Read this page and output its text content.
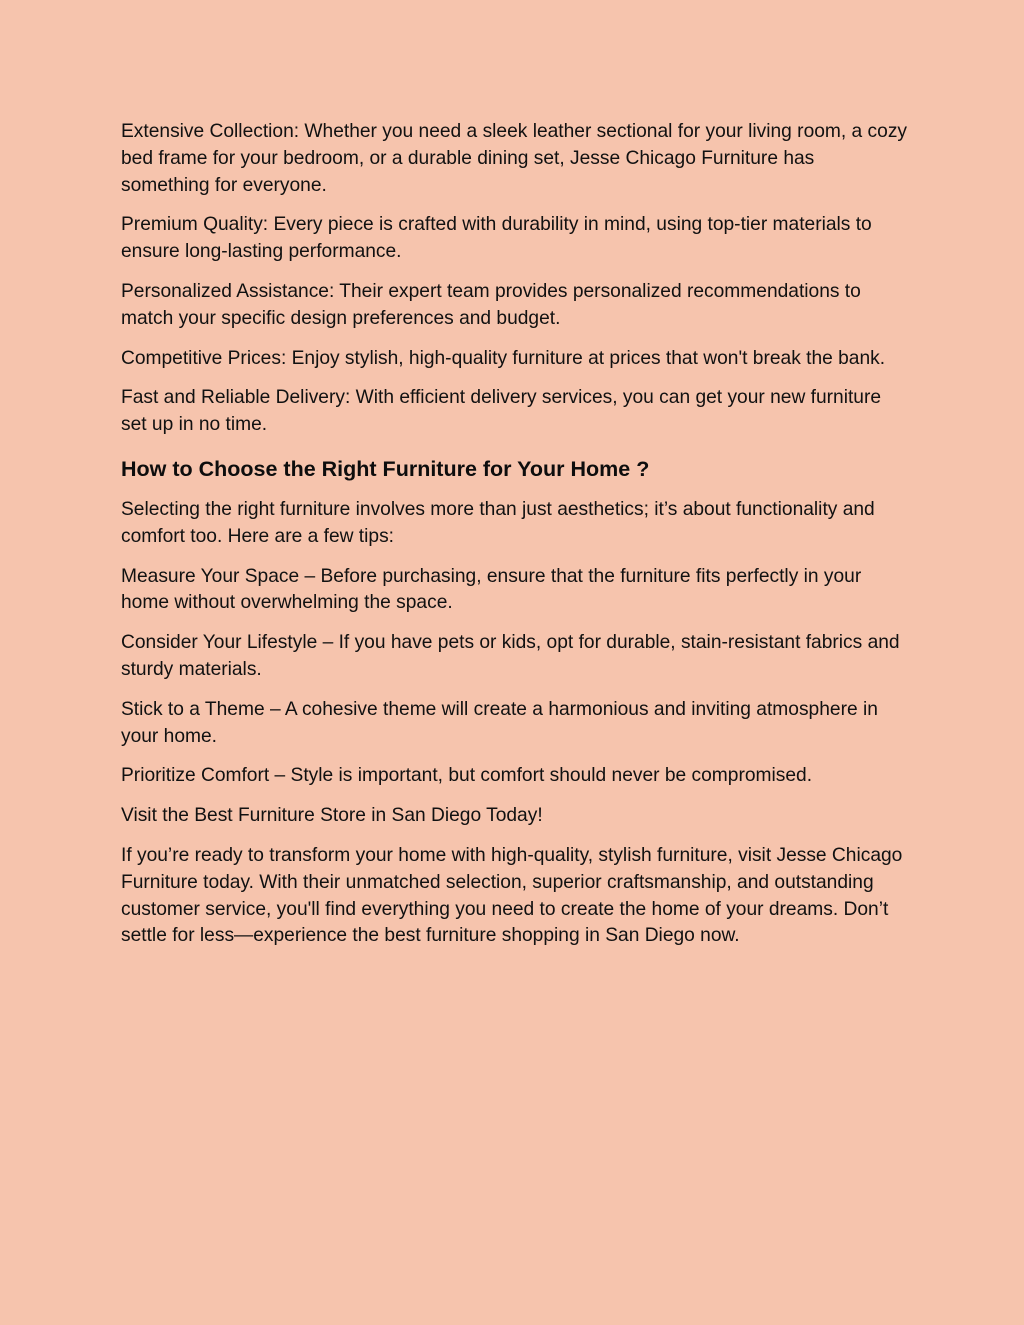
Extensive Collection: Whether you need a sleek leather sectional for your living room, a cozy bed frame for your bedroom, or a durable dining set, Jesse Chicago Furniture has something for everyone.

Premium Quality: Every piece is crafted with durability in mind, using top-tier materials to ensure long-lasting performance.

Personalized Assistance: Their expert team provides personalized recommendations to match your specific design preferences and budget.

Competitive Prices: Enjoy stylish, high-quality furniture at prices that won't break the bank.

Fast and Reliable Delivery: With efficient delivery services, you can get your new furniture set up in no time.

How to Choose the Right Furniture for Your Home ?

Selecting the right furniture involves more than just aesthetics; it’s about functionality and comfort too. Here are a few tips:

Measure Your Space – Before purchasing, ensure that the furniture fits perfectly in your home without overwhelming the space.

Consider Your Lifestyle – If you have pets or kids, opt for durable, stain-resistant fabrics and sturdy materials.

Stick to a Theme – A cohesive theme will create a harmonious and inviting atmosphere in your home.

Prioritize Comfort – Style is important, but comfort should never be compromised.

Visit the Best Furniture Store in San Diego Today!

If you’re ready to transform your home with high-quality, stylish furniture, visit Jesse Chicago Furniture today. With their unmatched selection, superior craftsmanship, and outstanding customer service, you'll find everything you need to create the home of your dreams. Don’t settle for less—experience the best furniture shopping in San Diego now.
